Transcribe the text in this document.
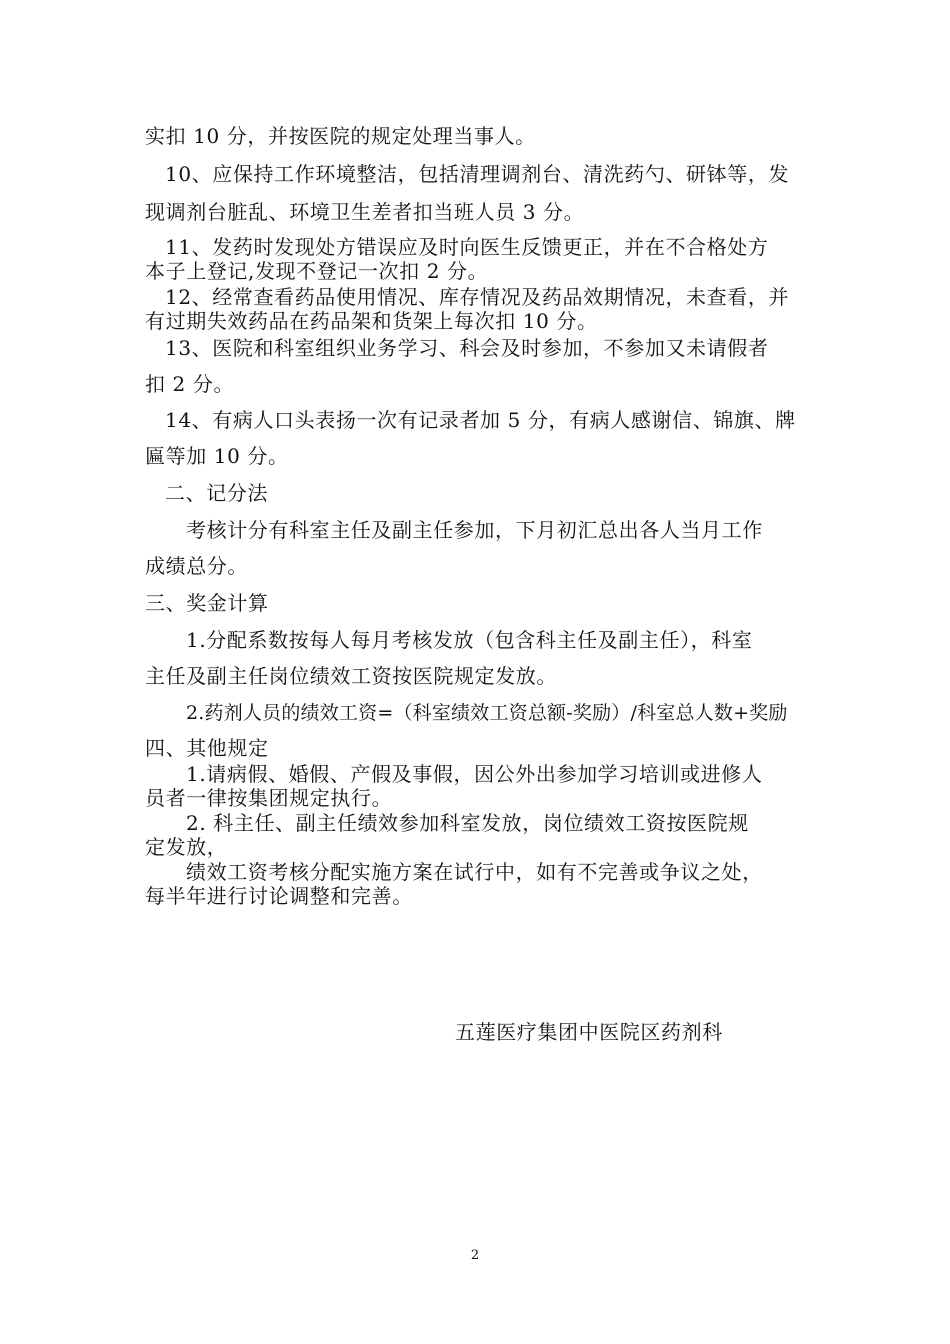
实扣 10 分，并按医院的规定处理当事人。
10、应保持工作环境整洁，包括清理调剂台、清洗药勺、研钵等，发
现调剂台脏乱、环境卫生差者扣当班人员 3 分。
11、发药时发现处方错误应及时向医生反馈更正，并在不合格处方
本子上登记,发现不登记一次扣 2 分。
12、经常查看药品使用情况、库存情况及药品效期情况，未查看，并
有过期失效药品在药品架和货架上每次扣 10 分。
13、医院和科室组织业务学习、科会及时参加，不参加又未请假者
扣 2 分。
14、有病人口头表扬一次有记录者加 5 分，有病人感谢信、锦旗、牌
匾等加 10 分。
二、记分法
考核计分有科室主任及副主任参加，下月初汇总出各人当月工作
成绩总分。
三、奖金计算
1.分配系数按每人每月考核发放（包含科主任及副主任），科室
主任及副主任岗位绩效工资按医院规定发放。
2.药剂人员的绩效工资=（科室绩效工资总额-奖励）/科室总人数+奖励
四、其他规定
1.请病假、婚假、产假及事假，因公外出参加学习培训或进修人
员者一律按集团规定执行。
2. 科主任、副主任绩效参加科室发放，岗位绩效工资按医院规
定发放，
绩效工资考核分配实施方案在试行中，如有不完善或争议之处，
每半年进行讨论调整和完善。
五莲医疗集团中医院区药剂科
2
